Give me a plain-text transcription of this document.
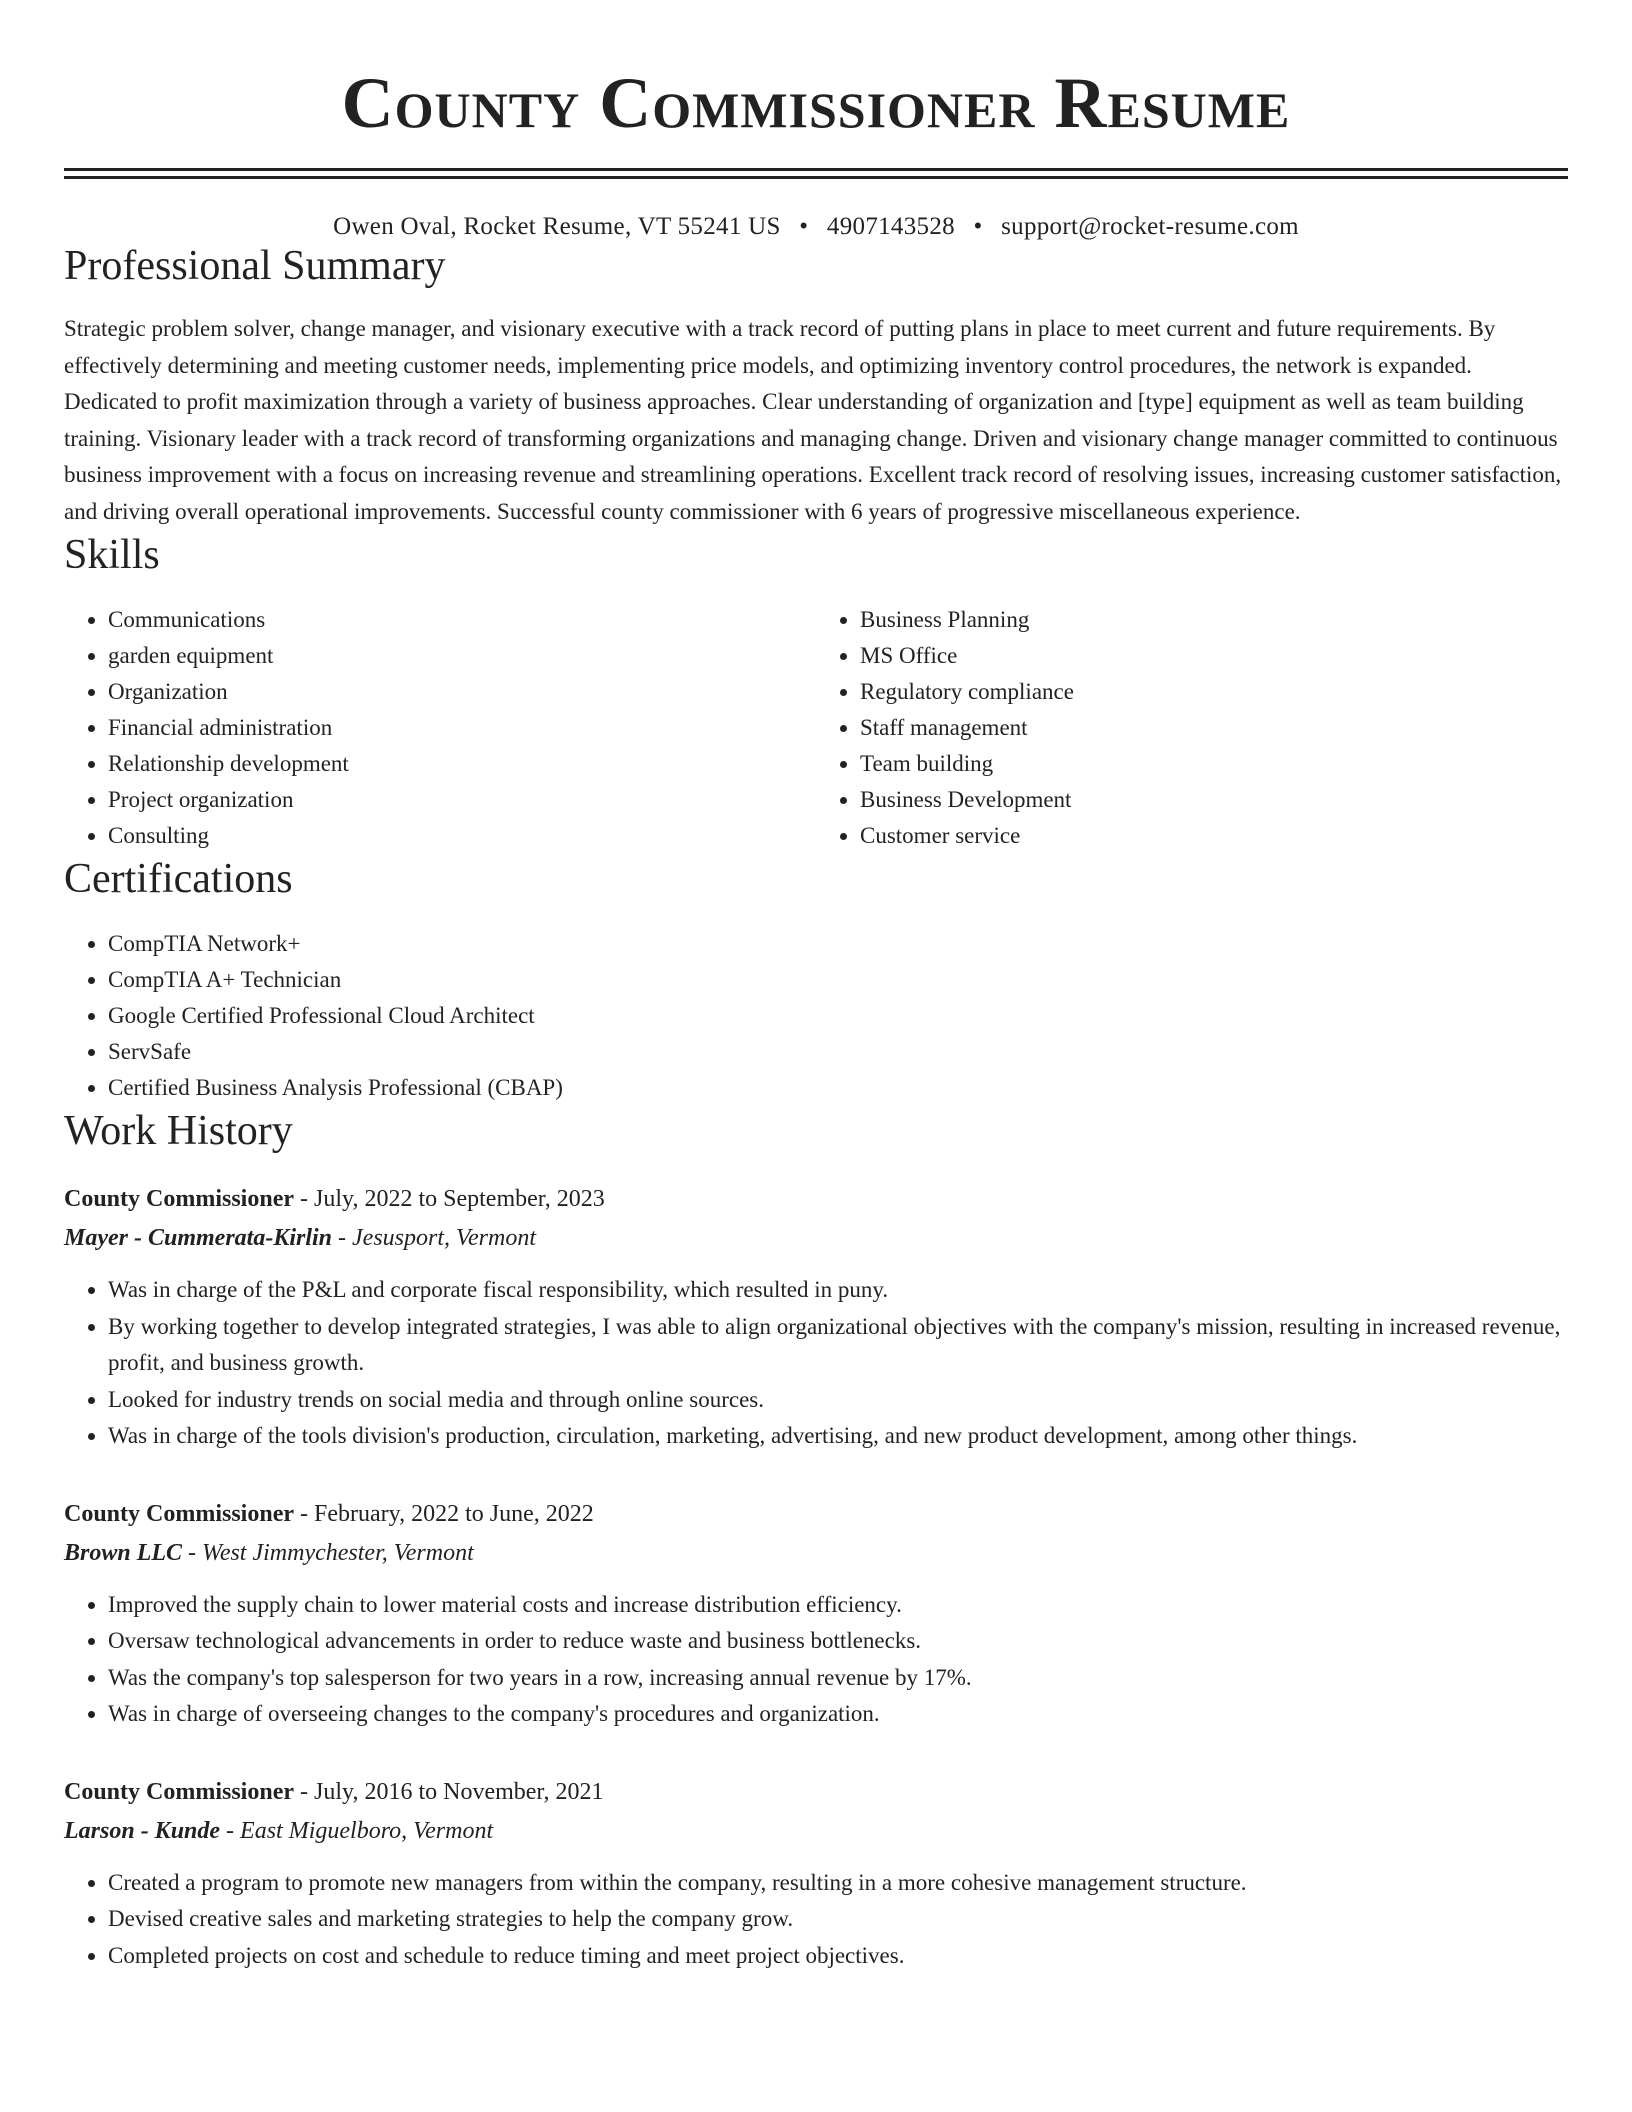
County Commissioner Resume
Owen Oval, Rocket Resume, VT 55241 US • 4907143528 • support@rocket-resume.com
Professional Summary
Strategic problem solver, change manager, and visionary executive with a track record of putting plans in place to meet current and future requirements. By effectively determining and meeting customer needs, implementing price models, and optimizing inventory control procedures, the network is expanded. Dedicated to profit maximization through a variety of business approaches. Clear understanding of organization and [type] equipment as well as team building training. Visionary leader with a track record of transforming organizations and managing change. Driven and visionary change manager committed to continuous business improvement with a focus on increasing revenue and streamlining operations. Excellent track record of resolving issues, increasing customer satisfaction, and driving overall operational improvements. Successful county commissioner with 6 years of progressive miscellaneous experience.
Skills
• Communications
• garden equipment
• Organization
• Financial administration
• Relationship development
• Project organization
• Consulting
• Business Planning
• MS Office
• Regulatory compliance
• Staff management
• Team building
• Business Development
• Customer service
Certifications
• CompTIA Network+
• CompTIA A+ Technician
• Google Certified Professional Cloud Architect
• ServSafe
• Certified Business Analysis Professional (CBAP)
Work History
County Commissioner - July, 2022 to September, 2023
Mayer - Cummerata-Kirlin - Jesusport, Vermont
• Was in charge of the P&L and corporate fiscal responsibility, which resulted in puny.
• By working together to develop integrated strategies, I was able to align organizational objectives with the company's mission, resulting in increased revenue, profit, and business growth.
• Looked for industry trends on social media and through online sources.
• Was in charge of the tools division's production, circulation, marketing, advertising, and new product development, among other things.
County Commissioner - February, 2022 to June, 2022
Brown LLC - West Jimmychester, Vermont
• Improved the supply chain to lower material costs and increase distribution efficiency.
• Oversaw technological advancements in order to reduce waste and business bottlenecks.
• Was the company's top salesperson for two years in a row, increasing annual revenue by 17%.
• Was in charge of overseeing changes to the company's procedures and organization.
County Commissioner - July, 2016 to November, 2021
Larson - Kunde - East Miguelboro, Vermont
• Created a program to promote new managers from within the company, resulting in a more cohesive management structure.
• Devised creative sales and marketing strategies to help the company grow.
• Completed projects on cost and schedule to reduce timing and meet project objectives.
